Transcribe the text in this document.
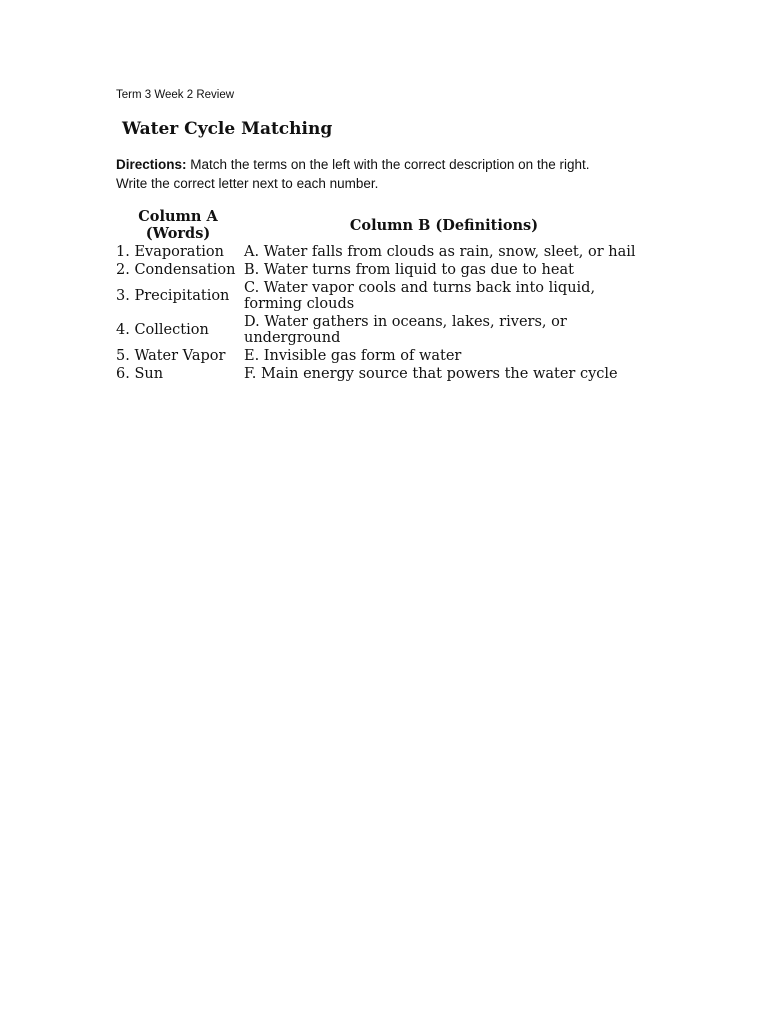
Term 3 Week 2 Review
Water Cycle Matching
Directions: Match the terms on the left with the correct description on the right.
Write the correct letter next to each number.
Column A
(Words)	Column B (Definitions)
1. Evaporation	A. Water falls from clouds as rain, snow, sleet, or hail
2. Condensation	B. Water turns from liquid to gas due to heat
3. Precipitation	C. Water vapor cools and turns back into liquid, forming clouds
4. Collection	D. Water gathers in oceans, lakes, rivers, or underground
5. Water Vapor	E. Invisible gas form of water
6. Sun	F. Main energy source that powers the water cycle
